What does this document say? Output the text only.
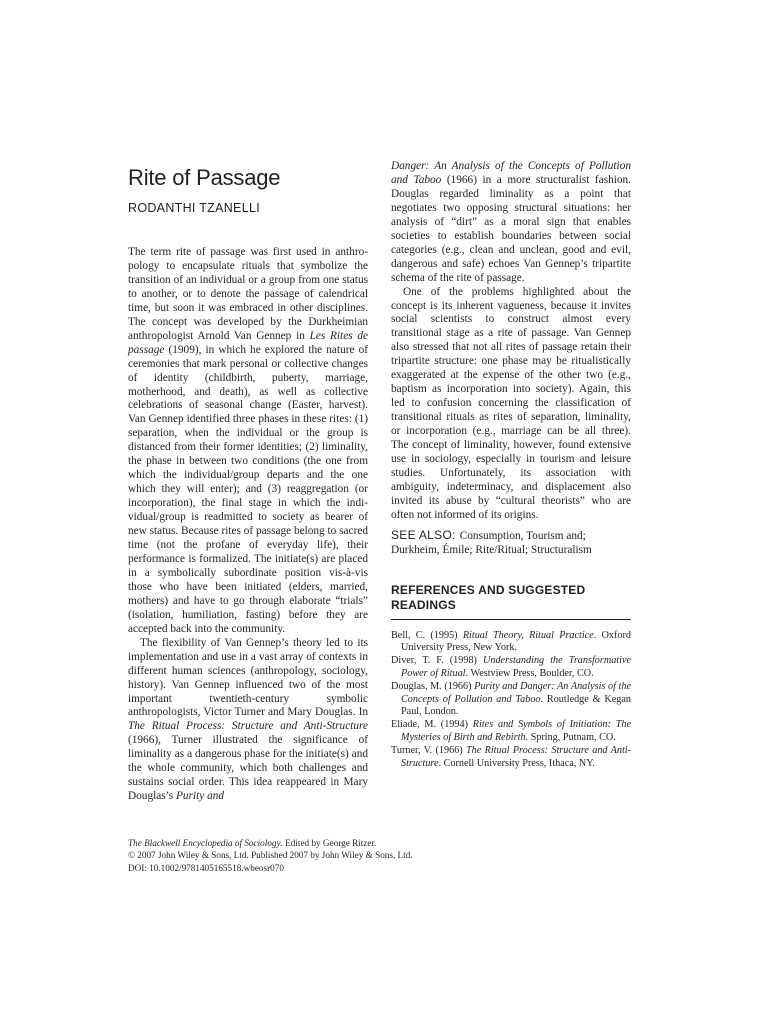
Rite of Passage
RODANTHI TZANELLI

The term rite of passage was first used in anthropology to encapsulate rituals that symbolize the transition of an individual or a group from one status to another, or to denote the passage of calendrical time, but soon it was embraced in other disciplines. The concept was developed by the Durkheimian anthropologist Arnold Van Gennep in Les Rites de passage (1909), in which he explored the nature of ceremonies that mark personal or collective changes of identity (childbirth, puberty, marriage, motherhood, and death), as well as collective celebrations of seasonal change (Easter, harvest). Van Gennep identified three phases in these rites: (1) separation, when the individual or the group is distanced from their former identities; (2) liminality, the phase in between two conditions (the one from which the individual/group departs and the one which they will enter); and (3) reaggregation (or incorporation), the final stage in which the individual/group is readmitted to society as bearer of new status. Because rites of passage belong to sacred time (not the profane of everyday life), their performance is formalized. The initiate(s) are placed in a symbolically subordinate position vis-à-vis those who have been initiated (elders, married, mothers) and have to go through elaborate “trials” (isolation, humiliation, fasting) before they are accepted back into the community.

The flexibility of Van Gennep’s theory led to its implementation and use in a vast array of contexts in different human sciences (anthropology, sociology, history). Van Gennep influenced two of the most important twentieth-century symbolic anthropologists, Victor Turner and Mary Douglas. In The Ritual Process: Structure and Anti-Structure (1966), Turner illustrated the significance of liminality as a dangerous phase for the initiate(s) and the whole community, which both challenges and sustains social order. This idea reappeared in Mary Douglas’s Purity and

Danger: An Analysis of the Concepts of Pollution and Taboo (1966) in a more structuralist fashion. Douglas regarded liminality as a point that negotiates two opposing structural situations: her analysis of “dirt” as a moral sign that enables societies to establish boundaries between social categories (e.g., clean and unclean, good and evil, dangerous and safe) echoes Van Gennep’s tripartite schema of the rite of passage.

One of the problems highlighted about the concept is its inherent vagueness, because it invites social scientists to construct almost every transitional stage as a rite of passage. Van Gennep also stressed that not all rites of passage retain their tripartite structure: one phase may be ritualistically exaggerated at the expense of the other two (e.g., baptism as incorporation into society). Again, this led to confusion concerning the classification of transitional rituals as rites of separation, liminality, or incorporation (e.g., marriage can be all three). The concept of liminality, however, found extensive use in sociology, especially in tourism and leisure studies. Unfortunately, its association with ambiguity, indeterminacy, and displacement also invited its abuse by “cultural theorists” who are often not informed of its origins.

SEE ALSO: Consumption, Tourism and; Durkheim, Émile; Rite/Ritual; Structuralism

REFERENCES AND SUGGESTED READINGS
Bell, C. (1995) Ritual Theory, Ritual Practice. Oxford University Press, New York.
Diver, T. F. (1998) Understanding the Transformative Power of Ritual. Westview Press, Boulder, CO.
Douglas, M. (1966) Purity and Danger: An Analysis of the Concepts of Pollution and Taboo. Routledge & Kegan Paul, London.
Eliade, M. (1994) Rites and Symbols of Initiation: The Mysteries of Birth and Rebirth. Spring, Putnam, CO.
Turner, V. (1966) The Ritual Process: Structure and Anti-Structure. Cornell University Press, Ithaca, NY.
The Blackwell Encyclopedia of Sociology. Edited by George Ritzer.
© 2007 John Wiley & Sons, Ltd. Published 2007 by John Wiley & Sons, Ltd.
DOI: 10.1002/9781405165518.wbeosr070
